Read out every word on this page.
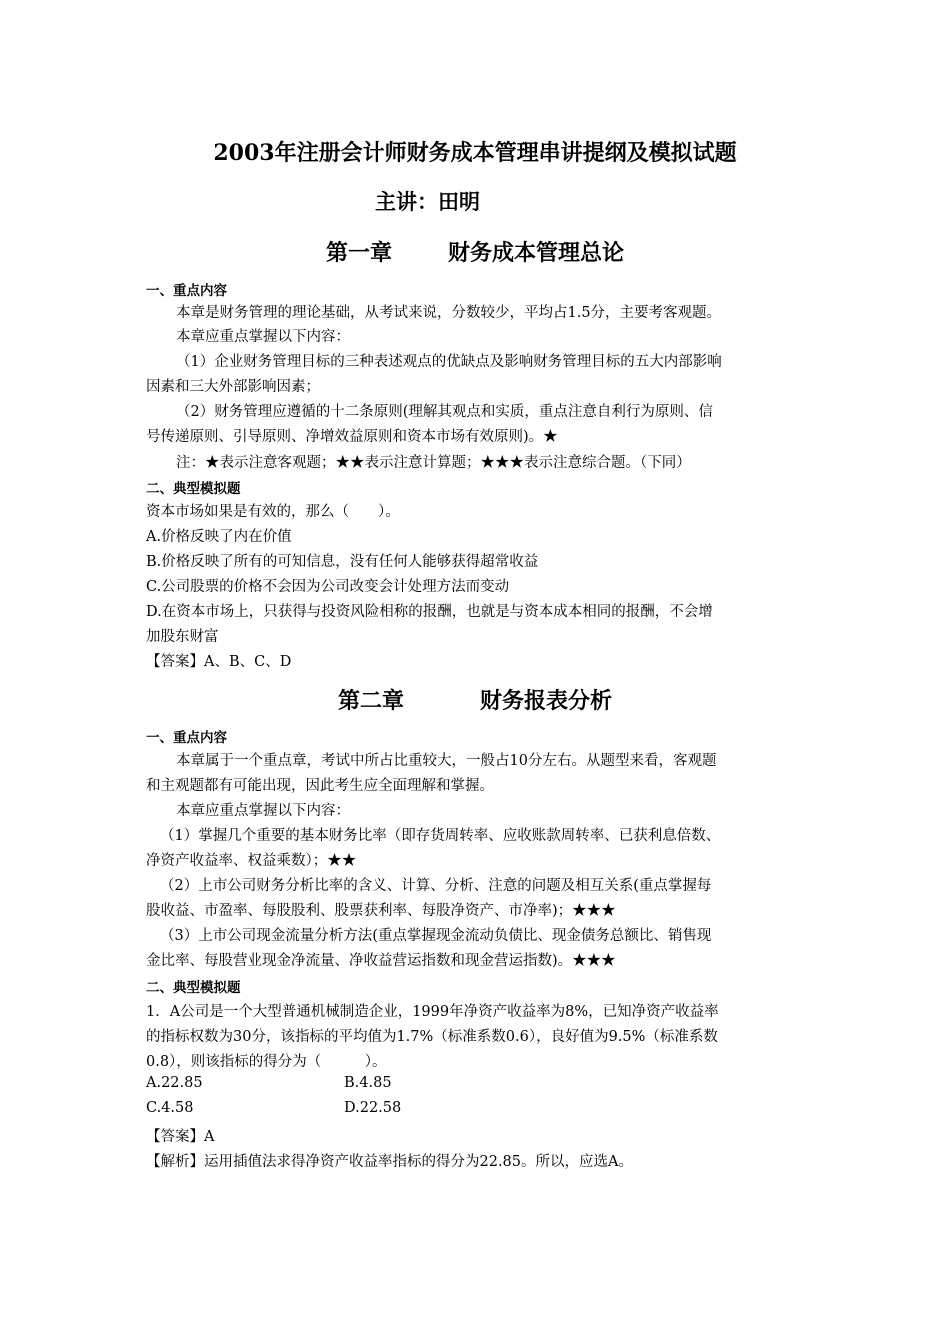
2003年注册会计师财务成本管理串讲提纲及模拟试题
主讲：田明
第一章	财务成本管理总论
一、重点内容
本章是财务管理的理论基础，从考试来说，分数较少，平均占1.5分，主要考客观题。
本章应重点掌握以下内容：
（1）企业财务管理目标的三种表述观点的优缺点及影响财务管理目标的五大内部影响
因素和三大外部影响因素；
（2）财务管理应遵循的十二条原则(理解其观点和实质，重点注意自利行为原则、信
号传递原则、引导原则、净增效益原则和资本市场有效原则)。★
注：★表示注意客观题；★★表示注意计算题；★★★表示注意综合题。（下同）
二、典型模拟题
资本市场如果是有效的，那么（　　）。
A.价格反映了内在价值
B.价格反映了所有的可知信息，没有任何人能够获得超常收益
C.公司股票的价格不会因为公司改变会计处理方法而变动
D.在资本市场上，只获得与投资风险相称的报酬，也就是与资本成本相同的报酬，不会增
加股东财富
【答案】A、B、C、D
第二章	财务报表分析
一、重点内容
本章属于一个重点章，考试中所占比重较大，一般占10分左右。从题型来看，客观题
和主观题都有可能出现，因此考生应全面理解和掌握。
本章应重点掌握以下内容：
（1）掌握几个重要的基本财务比率（即存货周转率、应收账款周转率、已获利息倍数、
净资产收益率、权益乘数）；★★
（2）上市公司财务分析比率的含义、计算、分析、注意的问题及相互关系(重点掌握每
股收益、市盈率、每股股利、股票获利率、每股净资产、市净率)；★★★
（3）上市公司现金流量分析方法(重点掌握现金流动负债比、现金债务总额比、销售现
金比率、每股营业现金净流量、净收益营运指数和现金营运指数)。★★★
二、典型模拟题
1．A公司是一个大型普通机械制造企业，1999年净资产收益率为8%，已知净资产收益率
的指标权数为30分，该指标的平均值为1.7%（标准系数0.6），良好值为9.5%（标准系数
0.8），则该指标的得分为（　　　）。
A.22.85	B.4.85
C.4.58	D.22.58
【答案】A
【解析】运用插值法求得净资产收益率指标的得分为22.85。所以，应选A。
